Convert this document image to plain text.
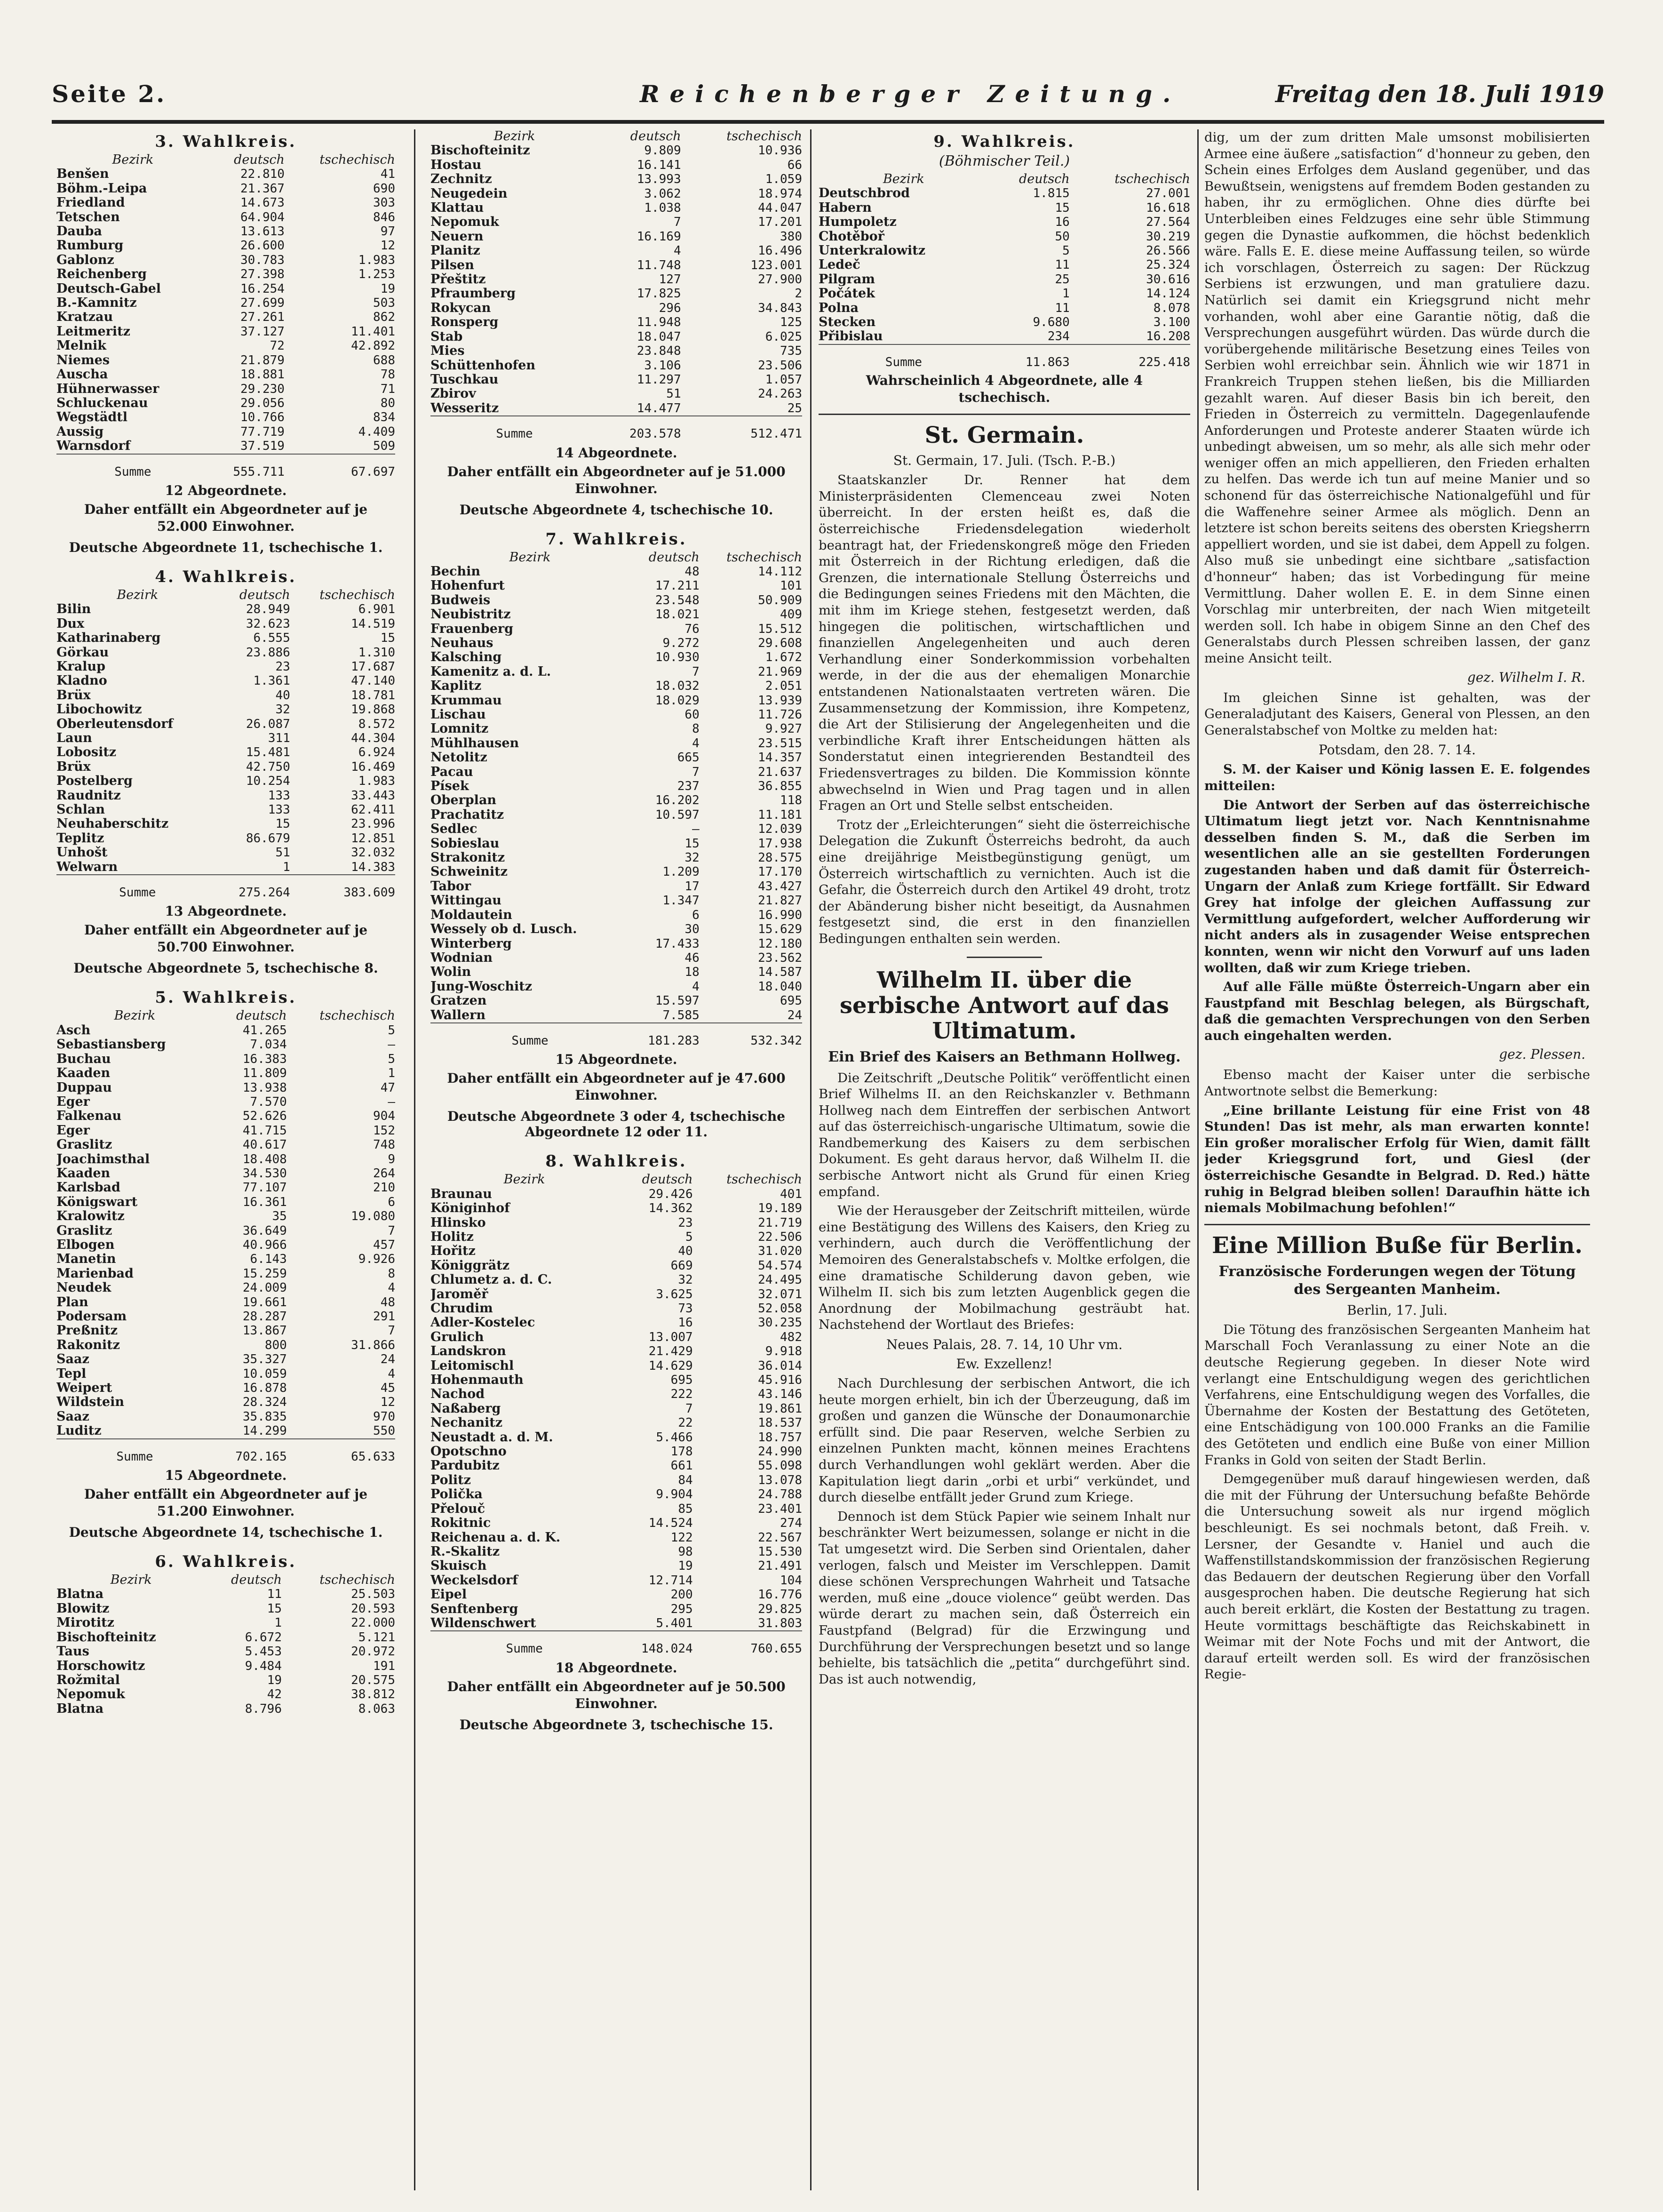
Seite 2.	Reichenberger Zeitung.	Freitag den 18. Juli 1919
3. Wahlkreis.
Bezirk	deutsch	tschechisch
Benšen	22.810	41
Böhm.-Leipa	21.367	690
Friedland	14.673	303
Tetschen	64.904	846
Dauba	13.613	97
Rumburg	26.600	12
Gablonz	30.783	1.983
Reichenberg	27.398	1.253
Deutsch-Gabel	16.254	19
B.-Kamnitz	27.699	503
Kratzau	27.261	862
Leitmeritz	37.127	11.401
Melnik	72	42.892
Niemes	21.879	688
Auscha	18.881	78
Hühnerwasser	29.230	71
Schluckenau	29.056	80
Wegstädtl	10.766	834
Aussig	77.719	4.409
Warnsdorf	37.519	509
Summe	555.711	67.697
12 Abgeordnete.
Daher entfällt ein Abgeordneter auf je 52.000 Einwohner.
Deutsche Abgeordnete 11, tschechische 1.
4. Wahlkreis.
Bezirk	deutsch	tschechisch
Bilin	28.949	6.901
Dux	32.623	14.519
Katharinaberg	6.555	15
Görkau	23.886	1.310
Kralup	23	17.687
Kladno	1.361	47.140
Brüx	40	18.781
Libochowitz	32	19.868
Oberleutensdorf	26.087	8.572
Laun	311	44.304
Lobositz	15.481	6.924
Brüx	42.750	16.469
Postelberg	10.254	1.983
Raudnitz	133	33.443
Schlan	133	62.411
Neuhaberschitz	15	23.996
Teplitz	86.679	12.851
Unhošt	51	32.032
Welwarn	1	14.383
Summe	275.264	383.609
13 Abgeordnete.
Daher entfällt ein Abgeordneter auf je 50.700 Einwohner.
Deutsche Abgeordnete 5, tschechische 8.
5. Wahlkreis.
Bezirk	deutsch	tschechisch
Asch	41.265	5
Sebastiansberg	7.034	—
Buchau	16.383	5
Kaaden	11.809	1
Duppau	13.938	47
Eger	7.570	—
Falkenau	52.626	904
Eger	41.715	152
Graslitz	40.617	748
Joachimsthal	18.408	9
Kaaden	34.530	264
Karlsbad	77.107	210
Königswart	16.361	6
Kralowitz	35	19.080
Graslitz	36.649	7
Elbogen	40.966	457
Manetin	6.143	9.926
Marienbad	15.259	8
Neudek	24.009	4
Plan	19.661	48
Podersam	28.287	291
Preßnitz	13.867	7
Rakonitz	800	31.866
Saaz	35.327	24
Tepl	10.059	4
Weipert	16.878	45
Wildstein	28.324	12
Saaz	35.835	970
Luditz	14.299	550
Summe	702.165	65.633
15 Abgeordnete.
Daher entfällt ein Abgeordneter auf je 51.200 Einwohner.
Deutsche Abgeordnete 14, tschechische 1.
6. Wahlkreis.
Bezirk	deutsch	tschechisch
Blatna	11	25.503
Blowitz	15	20.593
Mirotitz	1	22.000
Bischofteinitz	6.672	5.121
Taus	5.453	20.972
Horschowitz	9.484	191
Rožmital	19	20.575
Nepomuk	42	38.812
Blatna	8.796	8.063
Bezirk	deutsch	tschechisch
Bischofteinitz	9.809	10.936
Hostau	16.141	66
Zechnitz	13.993	1.059
Neugedein	3.062	18.974
Klattau	1.038	44.047
Nepomuk	7	17.201
Neuern	16.169	380
Planitz	4	16.496
Pilsen	11.748	123.001
Přeštitz	127	27.900
Pfraumberg	17.825	2
Rokycan	296	34.843
Ronsperg	11.948	125
Stab	18.047	6.025
Mies	23.848	735
Schüttenhofen	3.106	23.506
Tuschkau	11.297	1.057
Zbirov	51	24.263
Wesseritz	14.477	25
Summe	203.578	512.471
14 Abgeordnete.
Daher entfällt ein Abgeordneter auf je 51.000 Einwohner.
Deutsche Abgeordnete 4, tschechische 10.
7. Wahlkreis.
Bezirk	deutsch	tschechisch
Bechin	48	14.112
Hohenfurt	17.211	101
Budweis	23.548	50.909
Neubistritz	18.021	409
Frauenberg	76	15.512
Neuhaus	9.272	29.608
Kalsching	10.930	1.672
Kamenitz a. d. L.	7	21.969
Kaplitz	18.032	2.051
Krummau	18.029	13.939
Lischau	60	11.726
Lomnitz	8	9.927
Mühlhausen	4	23.515
Netolitz	665	14.357
Pacau	7	21.637
Písek	237	36.855
Oberplan	16.202	118
Prachatitz	10.597	11.181
Sedlec	—	12.039
Sobieslau	15	17.938
Strakonitz	32	28.575
Schweinitz	1.209	17.170
Tabor	17	43.427
Wittingau	1.347	21.827
Moldautein	6	16.990
Wessely ob d. Lusch.	30	15.629
Winterberg	17.433	12.180
Wodnian	46	23.562
Wolin	18	14.587
Jung-Woschitz	4	18.040
Gratzen	15.597	695
Wallern	7.585	24
Summe	181.283	532.342
15 Abgeordnete.
Daher entfällt ein Abgeordneter auf je 47.600 Einwohner.
Deutsche Abgeordnete 3 oder 4, tschechische Abgeordnete 12 oder 11.
8. Wahlkreis.
Bezirk	deutsch	tschechisch
Braunau	29.426	401
Königinhof	14.362	19.189
Hlinsko	23	21.719
Holitz	5	22.506
Hořitz	40	31.020
Königgrätz	669	54.574
Chlumetz a. d. C.	32	24.495
Jaroměř	3.625	32.071
Chrudim	73	52.058
Adler-Kostelec	16	30.235
Grulich	13.007	482
Landskron	21.429	9.918
Leitomischl	14.629	36.014
Hohenmauth	695	45.916
Nachod	222	43.146
Naßaberg	7	19.861
Nechanitz	22	18.537
Neustadt a. d. M.	5.466	18.757
Opotschno	178	24.990
Pardubitz	661	55.098
Politz	84	13.078
Polička	9.904	24.788
Přelouč	85	23.401
Rokitnic	14.524	274
Reichenau a. d. K.	122	22.567
R.-Skalitz	98	15.530
Skuisch	19	21.491
Weckelsdorf	12.714	104
Eipel	200	16.776
Senftenberg	295	29.825
Wildenschwert	5.401	31.803
Summe	148.024	760.655
18 Abgeordnete.
Daher entfällt ein Abgeordneter auf je 50.500 Einwohner.
Deutsche Abgeordnete 3, tschechische 15.
9. Wahlkreis.
(Böhmischer Teil.)
Bezirk	deutsch	tschechisch
Deutschbrod	1.815	27.001
Habern	15	16.618
Humpoletz	16	27.564
Chotěboř	50	30.219
Unterkralowitz	5	26.566
Ledeč	11	25.324
Pilgram	25	30.616
Počátek	1	14.124
Polna	11	8.078
Stecken	9.680	3.100
Přibislau	234	16.208
Summe	11.863	225.418
Wahrscheinlich 4 Abgeordnete, alle 4 tschechisch.
St. Germain.
St. Germain, 17. Juli. (Tsch. P.-B.)

Staatskanzler Dr. Renner hat dem Ministerpräsidenten Clemenceau zwei Noten überreicht. In der ersten heißt es, daß die österreichische Friedensdelegation wiederholt beantragt hat, der Friedenskongreß möge den Frieden mit Österreich in der Richtung erledigen, daß die Grenzen, die internationale Stellung Österreichs und die Bedingungen seines Friedens mit den Mächten, die mit ihm im Kriege stehen, festgesetzt werden, daß hingegen die politischen, wirtschaftlichen und finanziellen Angelegenheiten und auch deren Verhandlung einer Sonderkommission vorbehalten werde, in der die aus der ehemaligen Monarchie entstandenen Nationalstaaten vertreten wären. Die Zusammensetzung der Kommission, ihre Kompetenz, die Art der Stilisierung der Angelegenheiten und die verbindliche Kraft ihrer Entscheidungen hätten als Sonderstatut einen integrierenden Bestandteil des Friedensvertrages zu bilden. Die Kommission könnte abwechselnd in Wien und Prag tagen und in allen Fragen an Ort und Stelle selbst entscheiden.

Trotz der „Erleichterungen“ sieht die österreichische Delegation die Zukunft Österreichs bedroht, da auch eine dreijährige Meistbegünstigung genügt, um Österreich wirtschaftlich zu vernichten. Auch ist die Gefahr, die Österreich durch den Artikel 49 droht, trotz der Abänderung bisher nicht beseitigt, da Ausnahmen festgesetzt sind, die erst in den finanziellen Bedingungen enthalten sein werden.

Wilhelm II. über die serbische Antwort auf das Ultimatum.
Ein Brief des Kaisers an Bethmann Hollweg.

Die Zeitschrift „Deutsche Politik“ veröffentlicht einen Brief Wilhelms II. an den Reichskanzler v. Bethmann Hollweg nach dem Eintreffen der serbischen Antwort auf das österreichisch-ungarische Ultimatum, sowie die Randbemerkung des Kaisers zu dem serbischen Dokument. Es geht daraus hervor, daß Wilhelm II. die serbische Antwort nicht als Grund für einen Krieg empfand.

Wie der Herausgeber der Zeitschrift mitteilen, würde eine Bestätigung des Willens des Kaisers, den Krieg zu verhindern, auch durch die Veröffentlichung der Memoiren des Generalstabschefs v. Moltke erfolgen, die eine dramatische Schilderung davon geben, wie Wilhelm II. sich bis zum letzten Augenblick gegen die Anordnung der Mobilmachung gesträubt hat. Nachstehend der Wortlaut des Briefes:

Neues Palais, 28. 7. 14, 10 Uhr vm.
Ew. Exzellenz!

Nach Durchlesung der serbischen Antwort, die ich heute morgen erhielt, bin ich der Überzeugung, daß im großen und ganzen die Wünsche der Donaumonarchie erfüllt sind. Die paar Reserven, welche Serbien zu einzelnen Punkten macht, können meines Erachtens durch Verhandlungen wohl geklärt werden. Aber die Kapitulation liegt darin „orbi et urbi“ verkündet, und durch dieselbe entfällt jeder Grund zum Kriege.

Dennoch ist dem Stück Papier wie seinem Inhalt nur beschränkter Wert beizumessen, solange er nicht in die Tat umgesetzt wird. Die Serben sind Orientalen, daher verlogen, falsch und Meister im Verschleppen. Damit diese schönen Versprechungen Wahrheit und Tatsache werden, muß eine „douce violence“ geübt werden. Das würde derart zu machen sein, daß Österreich ein Faustpfand (Belgrad) für die Erzwingung und Durchführung der Versprechungen besetzt und so lange behielte, bis tatsächlich die „petita“ durchgeführt sind. Das ist auch notwendig,

dig, um der zum dritten Male umsonst mobilisierten Armee eine äußere „satisfaction“ d'honneur zu geben, den Schein eines Erfolges dem Ausland gegenüber, und das Bewußtsein, wenigstens auf fremdem Boden gestanden zu haben, ihr zu ermöglichen. Ohne dies dürfte bei Unterbleiben eines Feldzuges eine sehr üble Stimmung gegen die Dynastie aufkommen, die höchst bedenklich wäre. Falls E. E. diese meine Auffassung teilen, so würde ich vorschlagen, Österreich zu sagen: Der Rückzug Serbiens ist erzwungen, und man gratuliere dazu. Natürlich sei damit ein Kriegsgrund nicht mehr vorhanden, wohl aber eine Garantie nötig, daß die Versprechungen ausgeführt würden. Das würde durch die vorübergehende militärische Besetzung eines Teiles von Serbien wohl erreichbar sein. Ähnlich wie wir 1871 in Frankreich Truppen stehen ließen, bis die Milliarden gezahlt waren. Auf dieser Basis bin ich bereit, den Frieden in Österreich zu vermitteln. Dagegenlaufende Anforderungen und Proteste anderer Staaten würde ich unbedingt abweisen, um so mehr, als alle sich mehr oder weniger offen an mich appellieren, den Frieden erhalten zu helfen. Das werde ich tun auf meine Manier und so schonend für das österreichische Nationalgefühl und für die Waffenehre seiner Armee als möglich. Denn an letztere ist schon bereits seitens des obersten Kriegsherrn appelliert worden, und sie ist dabei, dem Appell zu folgen. Also muß sie unbedingt eine sichtbare „satisfaction d'honneur“ haben; das ist Vorbedingung für meine Vermittlung. Daher wollen E. E. in dem Sinne einen Vorschlag mir unterbreiten, der nach Wien mitgeteilt werden soll. Ich habe in obigem Sinne an den Chef des Generalstabs durch Plessen schreiben lassen, der ganz meine Ansicht teilt.

gez. Wilhelm I. R.

Im gleichen Sinne ist gehalten, was der Generaladjutant des Kaisers, General von Plessen, an den Generalstabschef von Moltke zu melden hat:

Potsdam, den 28. 7. 14.

S. M. der Kaiser und König lassen E. E. folgendes mitteilen:

Die Antwort der Serben auf das österreichische Ultimatum liegt jetzt vor. Nach Kenntnisnahme desselben finden S. M., daß die Serben im wesentlichen alle an sie gestellten Forderungen zugestanden haben und daß damit für Österreich-Ungarn der Anlaß zum Kriege fortfällt. Sir Edward Grey hat infolge der gleichen Auffassung zur Vermittlung aufgefordert, welcher Aufforderung wir nicht anders als in zusagender Weise entsprechen konnten, wenn wir nicht den Vorwurf auf uns laden wollten, daß wir zum Kriege trieben.

Auf alle Fälle müßte Österreich-Ungarn aber ein Faustpfand mit Beschlag belegen, als Bürgschaft, daß die gemachten Versprechungen von den Serben auch eingehalten werden.

gez. Plessen.

Ebenso macht der Kaiser unter die serbische Antwortnote selbst die Bemerkung:

„Eine brillante Leistung für eine Frist von 48 Stunden! Das ist mehr, als man erwarten konnte! Ein großer moralischer Erfolg für Wien, damit fällt jeder Kriegsgrund fort, und Giesl (der österreichische Gesandte in Belgrad. D. Red.) hätte ruhig in Belgrad bleiben sollen! Daraufhin hätte ich niemals Mobilmachung befohlen!“

Eine Million Buße für Berlin.
Französische Forderungen wegen der Tötung des Sergeanten Manheim.
Berlin, 17. Juli.

Die Tötung des französischen Sergeanten Manheim hat Marschall Foch Veranlassung zu einer Note an die deutsche Regierung gegeben. In dieser Note wird verlangt eine Entschuldigung wegen des gerichtlichen Verfahrens, eine Entschuldigung wegen des Vorfalles, die Übernahme der Kosten der Bestattung des Getöteten, eine Entschädigung von 100.000 Franks an die Familie des Getöteten und endlich eine Buße von einer Million Franks in Gold von seiten der Stadt Berlin.

Demgegenüber muß darauf hingewiesen werden, daß die mit der Führung der Untersuchung befaßte Behörde die Untersuchung soweit als nur irgend möglich beschleunigt. Es sei nochmals betont, daß Freih. v. Lersner, der Gesandte v. Haniel und auch die Waffenstillstandskommission der französischen Regierung das Bedauern der deutschen Regierung über den Vorfall ausgesprochen haben. Die deutsche Regierung hat sich auch bereit erklärt, die Kosten der Bestattung zu tragen. Heute vormittags beschäftigte das Reichskabinett in Weimar mit der Note Fochs und mit der Antwort, die darauf erteilt werden soll. Es wird der französischen Regie-
